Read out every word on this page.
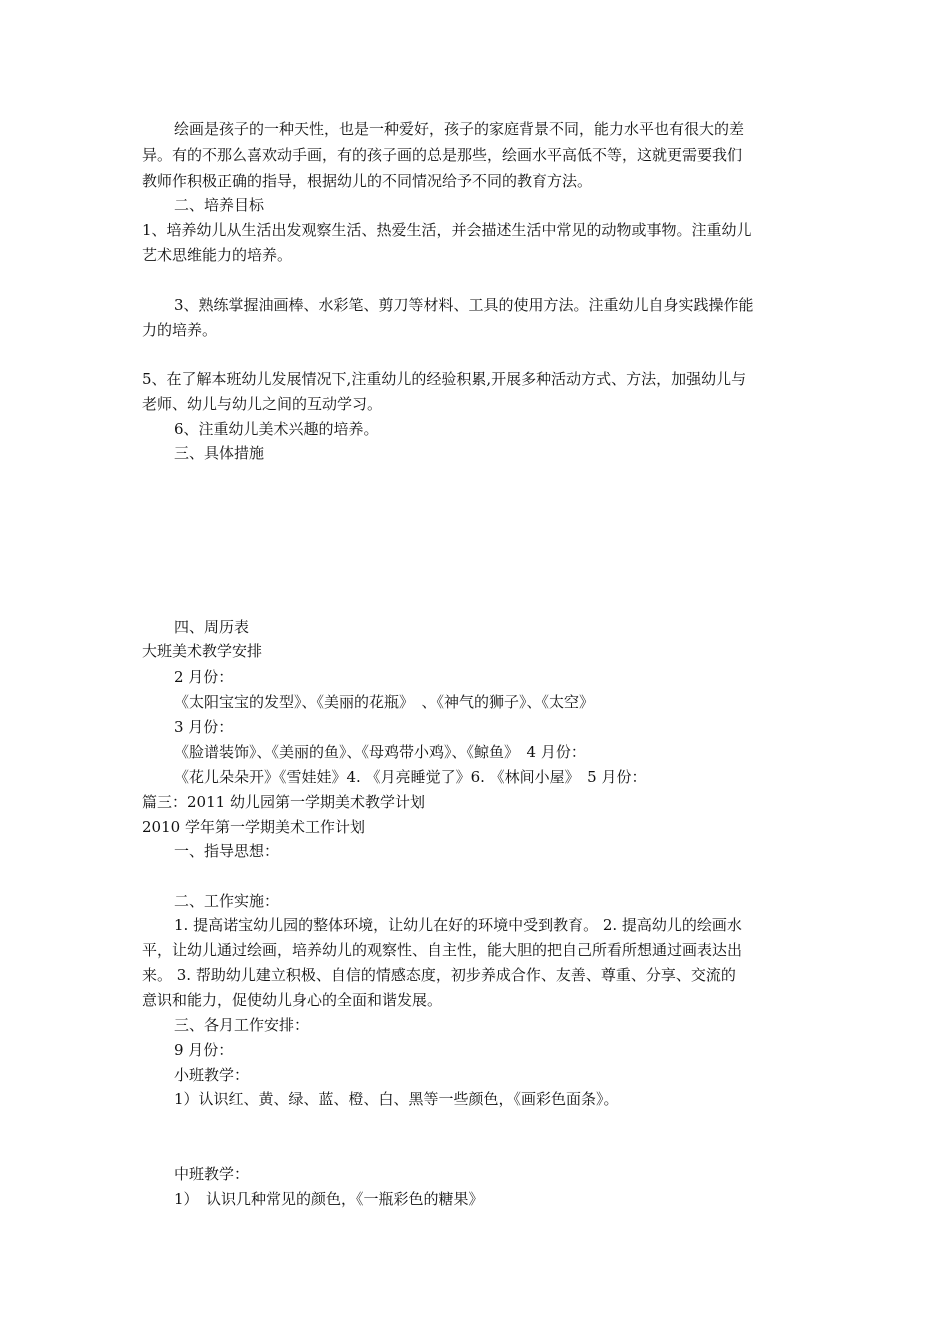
绘画是孩子的一种天性，也是一种爱好，孩子的家庭背景不同，能力水平也有很大的差
异。有的不那么喜欢动手画，有的孩子画的总是那些，绘画水平高低不等，这就更需要我们
教师作积极正确的指导，根据幼儿的不同情况给予不同的教育方法。
二、培养目标
1、培养幼儿从生活出发观察生活、热爱生活，并会描述生活中常见的动物或事物。注重幼儿
艺术思维能力的培养。
3、熟练掌握油画棒、水彩笔、剪刀等材料、工具的使用方法。注重幼儿自身实践操作能
力的培养。
5、在了解本班幼儿发展情况下,注重幼儿的经验积累,开展多种活动方式、方法，加强幼儿与
老师、幼儿与幼儿之间的互动学习。
6、注重幼儿美术兴趣的培养。
三、具体措施
四、周历表
大班美术教学安排
2 月份：
《太阳宝宝的发型》、《美丽的花瓶》　、《神气的狮子》、《太空》
3 月份：
《脸谱装饰》、《美丽的鱼》、《母鸡带小鸡》、《鲸鱼》　4 月份：
《花儿朵朵开》《雪娃娃》4. 《月亮睡觉了》6. 《林间小屋》　5 月份：
篇三：2011 幼儿园第一学期美术教学计划
2010 学年第一学期美术工作计划
一、指导思想：
二、工作实施：
1. 提高诺宝幼儿园的整体环境，让幼儿在好的环境中受到教育。 2. 提高幼儿的绘画水
平，让幼儿通过绘画，培养幼儿的观察性、自主性，能大胆的把自己所看所想通过画表达出
来。 3. 帮助幼儿建立积极、自信的情感态度，初步养成合作、友善、尊重、分享、交流的
意识和能力，促使幼儿身心的全面和谐发展。
三、各月工作安排：
9 月份：
小班教学：
1）认识红、黄、绿、蓝、橙、白、黑等一些颜色，《画彩色面条》。
中班教学：
1）　认识几种常见的颜色，《一瓶彩色的糖果》
